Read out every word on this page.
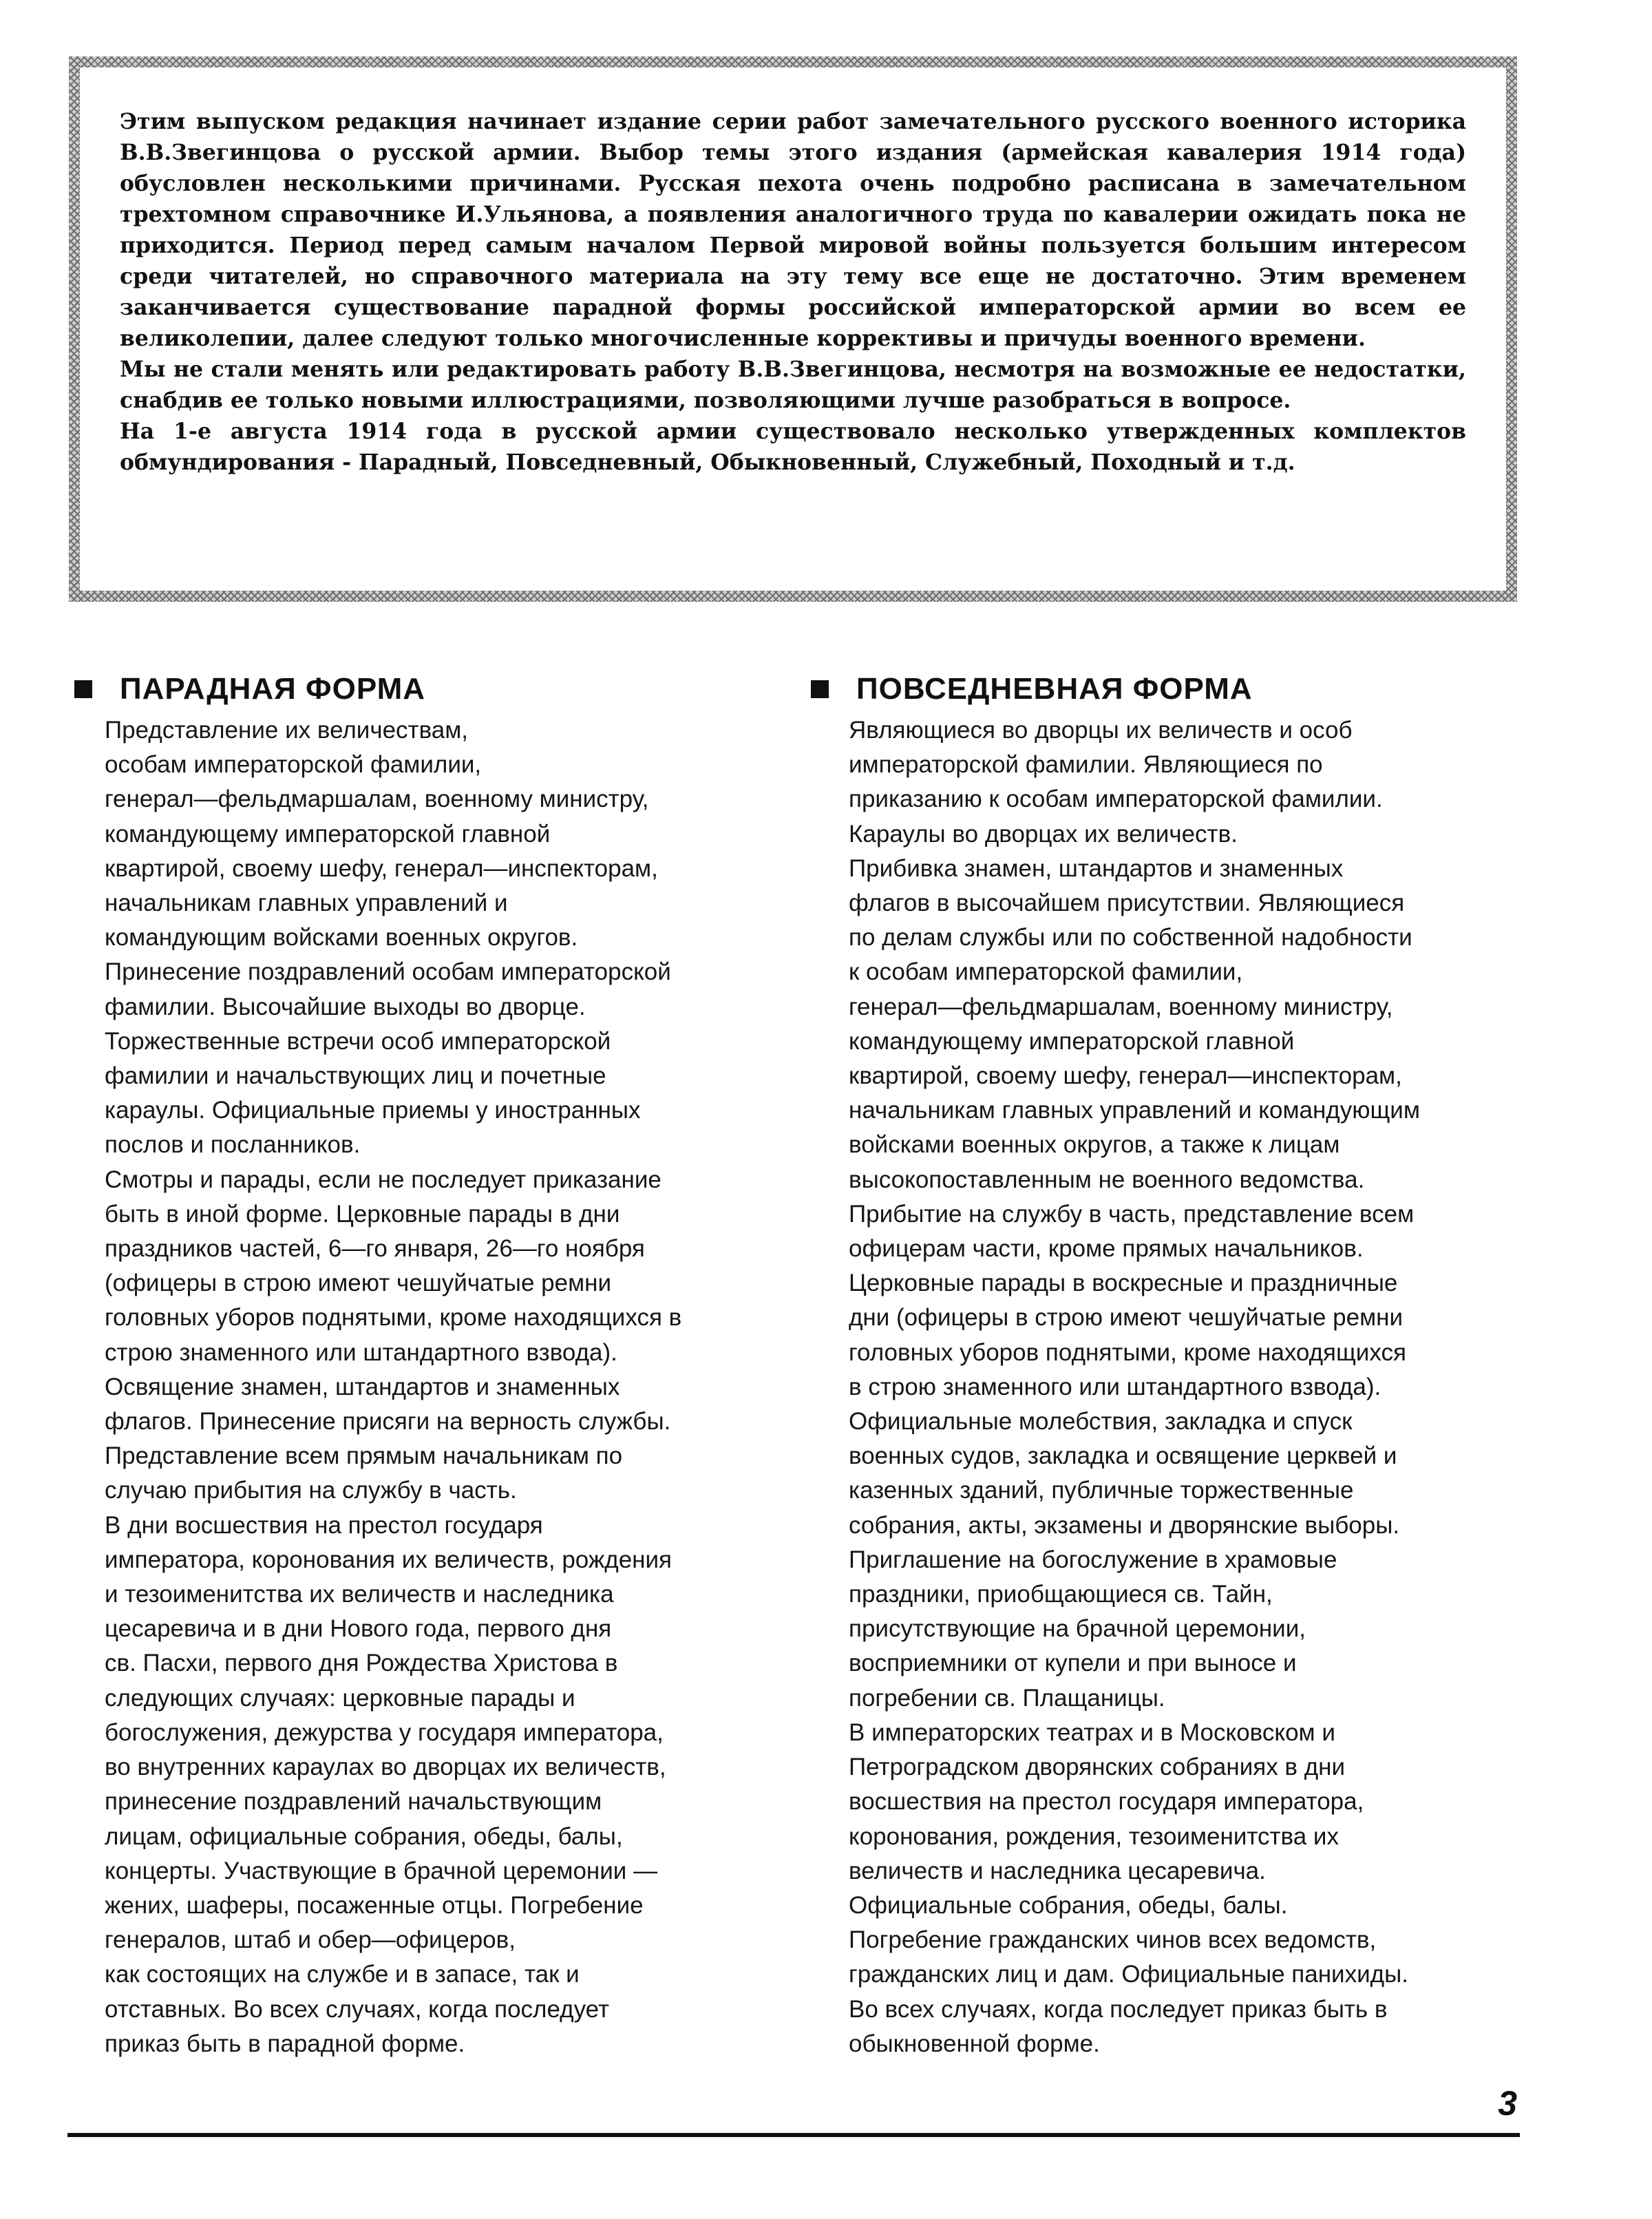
Этим выпуском редакция начинает издание серии работ замечательного русского военного историка В.В.Звегинцова о русской армии. Выбор темы этого издания (армейская кавалерия 1914 года) обусловлен несколькими причинами. Русская пехота очень подробно расписана в замечательном трехтомном справочнике И.Ульянова, а появления аналогичного труда по кавалерии ожидать пока не приходится. Период перед самым началом Первой мировой войны пользуется большим интересом среди читателей, но справочного материала на эту тему все еще не достаточно. Этим временем заканчивается существование парадной формы российской императорской армии во всем ее великолепии, далее следуют только многочисленные коррективы и причуды военного времени.

Мы не стали менять или редактировать работу В.В.Звегинцова, несмотря на возможные ее недостатки, снабдив ее только новыми иллюстрациями, позволяющими лучше разобраться в вопросе.

На 1-е августа 1914 года в русской армии существовало несколько утвержденных комплектов обмундирования - Парадный, Повседневный, Обыкновенный, Служебный, Походный и т.д.

ПАРАДНАЯ ФОРМА
Представление их величествам,
особам императорской фамилии,
генерал—фельдмаршалам, военному министру,
командующему императорской главной
квартирой, своему шефу, генерал—инспекторам,
начальникам главных управлений и
командующим войсками военных округов.
Принесение поздравлений особам императорской
фамилии. Высочайшие выходы во дворце.
Торжественные встречи особ императорской
фамилии и начальствующих лиц и почетные
караулы. Официальные приемы у иностранных
послов и посланников.
Смотры и парады, если не последует приказание
быть в иной форме. Церковные парады в дни
праздников частей, 6—го января, 26—го ноября
(офицеры в строю имеют чешуйчатые ремни
головных уборов поднятыми, кроме находящихся в
строю знаменного или штандартного взвода).
Освящение знамен, штандартов и знаменных
флагов. Принесение присяги на верность службы.
Представление всем прямым начальникам по
случаю прибытия на службу в часть.
В дни восшествия на престол государя
императора, коронования их величеств, рождения
и тезоименитства их величеств и наследника
цесаревича и в дни Нового года, первого дня
св. Пасхи, первого дня Рождества Христова в
следующих случаях: церковные парады и
богослужения, дежурства у государя императора,
во внутренних караулах во дворцах их величеств,
принесение поздравлений начальствующим
лицам, официальные собрания, обеды, балы,
концерты. Участвующие в брачной церемонии —
жених, шаферы, посаженные отцы. Погребение
генералов, штаб и обер—офицеров,
как состоящих на службе и в запасе, так и
отставных. Во всех случаях, когда последует
приказ быть в парадной форме.
ПОВСЕДНЕВНАЯ ФОРМА
Являющиеся во дворцы их величеств и особ
императорской фамилии. Являющиеся по
приказанию к особам императорской фамилии.
Караулы во дворцах их величеств.
Прибивка знамен, штандартов и знаменных
флагов в высочайшем присутствии. Являющиеся
по делам службы или по собственной надобности
к особам императорской фамилии,
генерал—фельдмаршалам, военному министру,
командующему императорской главной
квартирой, своему шефу, генерал—инспекторам,
начальникам главных управлений и командующим
войсками военных округов, а также к лицам
высокопоставленным не военного ведомства.
Прибытие на службу в часть, представление всем
офицерам части, кроме прямых начальников.
Церковные парады в воскресные и праздничные
дни (офицеры в строю имеют чешуйчатые ремни
головных уборов поднятыми, кроме находящихся
в строю знаменного или штандартного взвода).
Официальные молебствия, закладка и спуск
военных судов, закладка и освящение церквей и
казенных зданий, публичные торжественные
собрания, акты, экзамены и дворянские выборы.
Приглашение на богослужение в храмовые
праздники, приобщающиеся св. Тайн,
присутствующие на брачной церемонии,
восприемники от купели и при выносе и
погребении св. Плащаницы.
В императорских театрах и в Московском и
Петроградском дворянских собраниях в дни
восшествия на престол государя императора,
коронования, рождения, тезоименитства их
величеств и наследника цесаревича.
Официальные собрания, обеды, балы.
Погребение гражданских чинов всех ведомств,
гражданских лиц и дам. Официальные панихиды.
Во всех случаях, когда последует приказ быть в
обыкновенной форме.
3
